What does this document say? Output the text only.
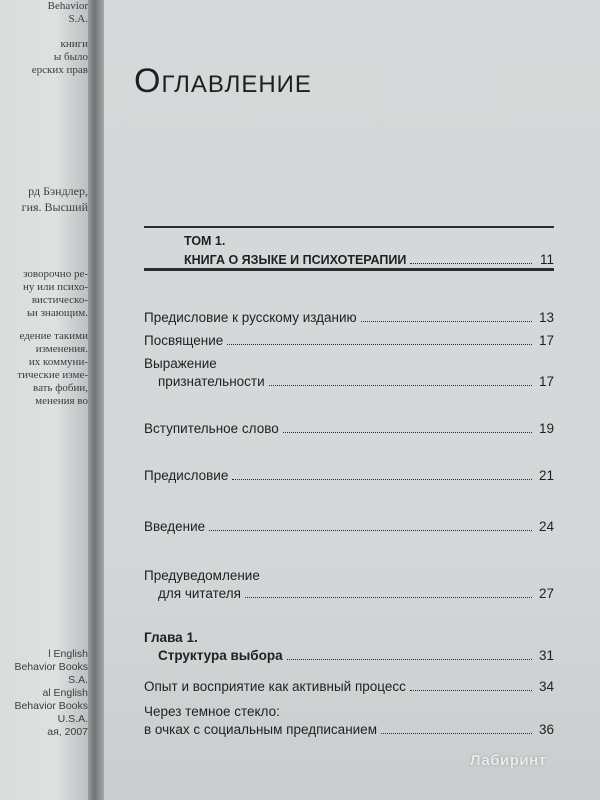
Behavior
S.A.
книги
ы было
ерских прав
рд Бэндлер,
гия. Высший
зоворочно ре-
ну или психо-
вистическо-
ьи знающим.
едение такими
изменения.
их коммуни-
тические изме-
вать фобии,
менения во
l English
Behavior Books
S.A.
al English
Behavior Books
U.S.A.
ая, 2007
Оглавление
ТОМ 1.
КНИГА О ЯЗЫКЕ И ПСИХОТЕРАПИИ	11
Предисловие к русскому изданию	13
Посвящение	17
Выражение
признательности	17
Вступительное слово	19
Предисловие	21
Введение	24
Предуведомление
для читателя	27
Глава 1.
Структура выбора	31
Опыт и восприятие как активный процесс	34
Через темное стекло:
в очках с социальным предписанием	36
Лабиринт
